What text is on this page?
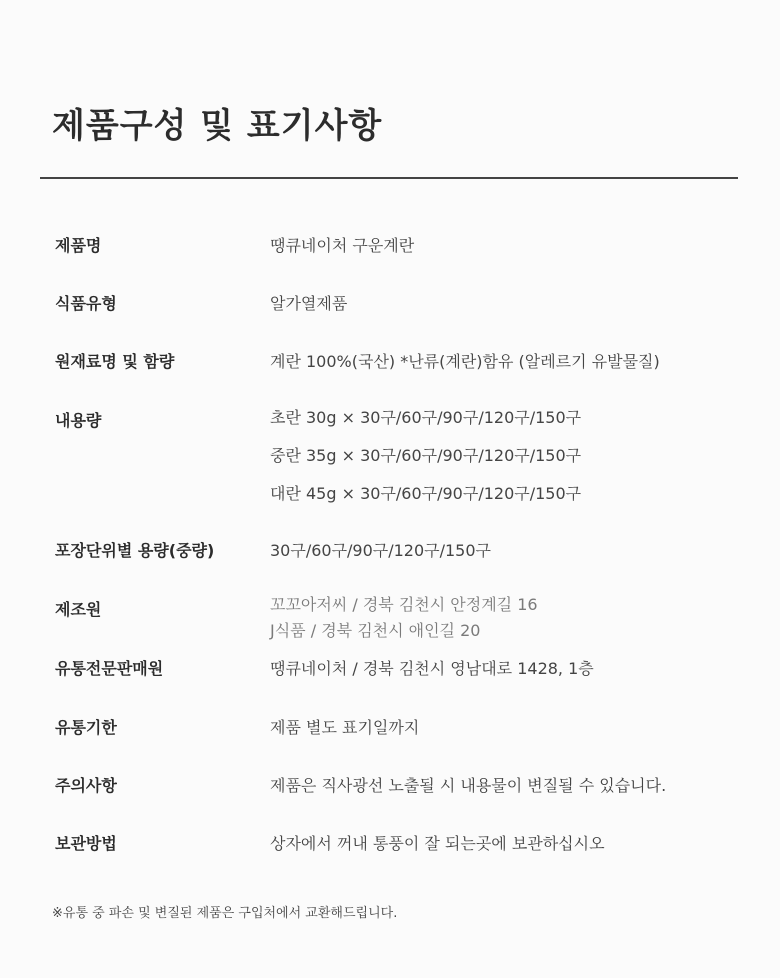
제품구성 및 표기사항
제품명	땡큐네이처 구운계란
식품유형	알가열제품
원재료명 및 함량	계란 100%(국산) *난류(계란)함유 (알레르기 유발물질)
내용량	초란 30g × 30구/60구/90구/120구/150구
중란 35g × 30구/60구/90구/120구/150구
대란 45g × 30구/60구/90구/120구/150구
포장단위별 용량(중량)	30구/60구/90구/120구/150구
제조원	꼬꼬아저씨 / 경북 김천시 안정계길 16
J식품 / 경북 김천시 애인길 20
유통전문판매원	땡큐네이처 / 경북 김천시 영남대로 1428, 1층
유통기한	제품 별도 표기일까지
주의사항	제품은 직사광선 노출될 시 내용물이 변질될 수 있습니다.
보관방법	상자에서 꺼내 통풍이 잘 되는곳에 보관하십시오
※유통 중 파손 및 변질된 제품은 구입처에서 교환해드립니다.
